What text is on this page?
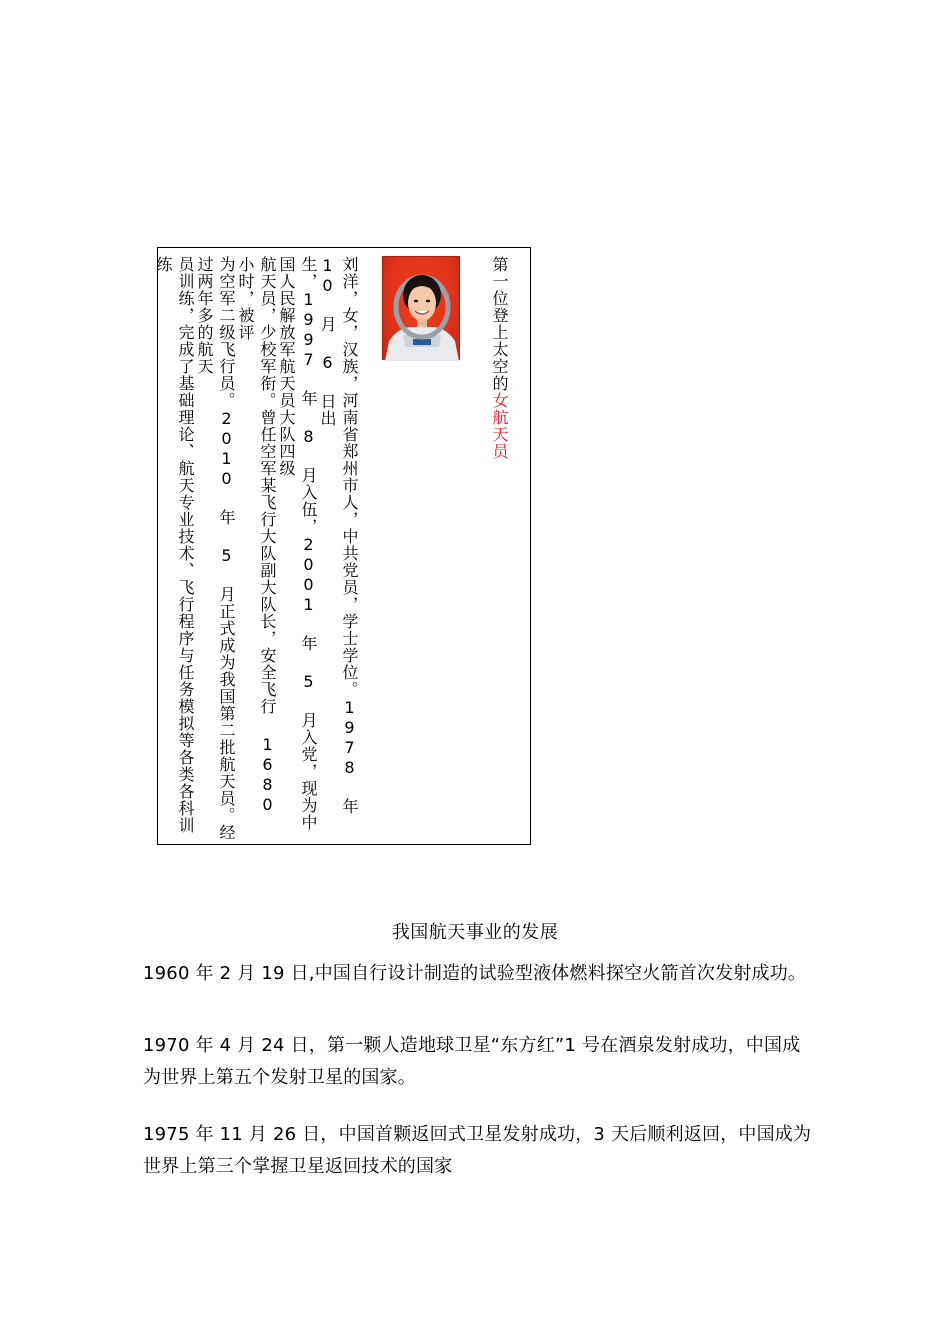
第一位登上太空的女航天员
刘洋，女，汉族，河南省郑州市人，中共党员，学士学位。1978 年 10 月 6 日出
生，1997 年 8 月入伍，2001 年 5 月入党，现为中国人民解放军航天员大队四级
航天员，少校军衔。曾任空军某飞行大队副大队长，安全飞行 1680 小时，被评
为空军二级飞行员。2010 年 5 月正式成为我国第二批航天员。经过两年多的航天
员训练，完成了基础理论、航天专业技术、飞行程序与任务模拟等各类各科训练
我国航天事业的发展

1960 年 2 月 19 日,中国自行设计制造的试验型液体燃料探空火箭首次发射成功。

1970 年 4 月 24 日，第一颗人造地球卫星“东方红”1 号在酒泉发射成功，中国成为世界上第五个发射卫星的国家。

1975 年 11 月 26 日，中国首颗返回式卫星发射成功，3 天后顺利返回，中国成为世界上第三个掌握卫星返回技术的国家
